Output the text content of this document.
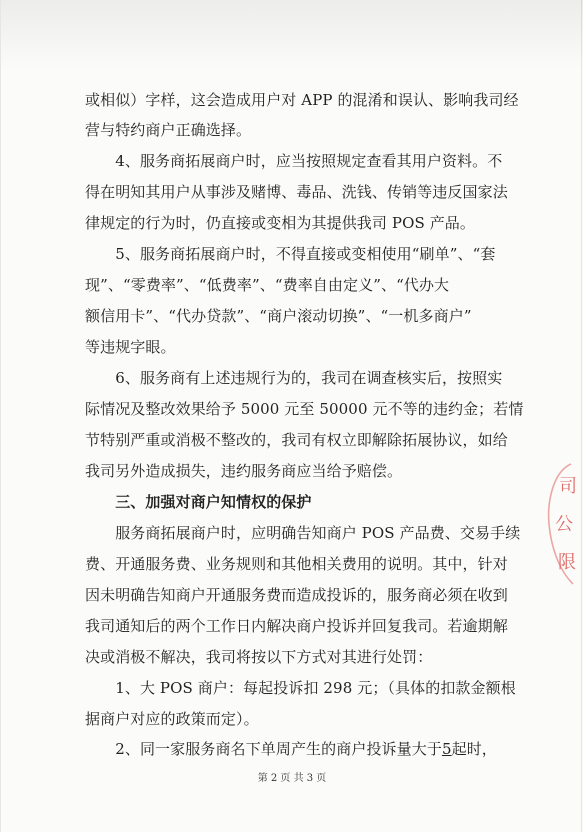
或相似）字样，这会造成用户对 APP 的混淆和误认、影响我司经
营与特约商户正确选择。
　　4、服务商拓展商户时，应当按照规定查看其用户资料。不
得在明知其用户从事涉及赌博、毒品、洗钱、传销等违反国家法
律规定的行为时，仍直接或变相为其提供我司 POS 产品。
　　5、服务商拓展商户时，不得直接或变相使用“刷单”、“套
现”、“零费率”、“低费率”、“费率自由定义”、“代办大
额信用卡”、“代办贷款”、“商户滚动切换”、“一机多商户”
等违规字眼。
　　6、服务商有上述违规行为的，我司在调查核实后，按照实
际情况及整改效果给予 5000 元至 50000 元不等的违约金；若情
节特别严重或消极不整改的，我司有权立即解除拓展协议，如给
我司另外造成损失，违约服务商应当给予赔偿。
　　三、加强对商户知情权的保护
　　服务商拓展商户时，应明确告知商户 POS 产品费、交易手续
费、开通服务费、业务规则和其他相关费用的说明。其中，针对
因未明确告知商户开通服务费而造成投诉的，服务商必须在收到
我司通知后的两个工作日内解决商户投诉并回复我司。若逾期解
决或消极不解决，我司将按以下方式对其进行处罚：
　　1、大 POS 商户：每起投诉扣 298 元；（具体的扣款金额根
据商户对应的政策而定）。
　　2、同一家服务商名下单周产生的商户投诉量大于5起时，
司
公
限
第 2 页 共 3 页
